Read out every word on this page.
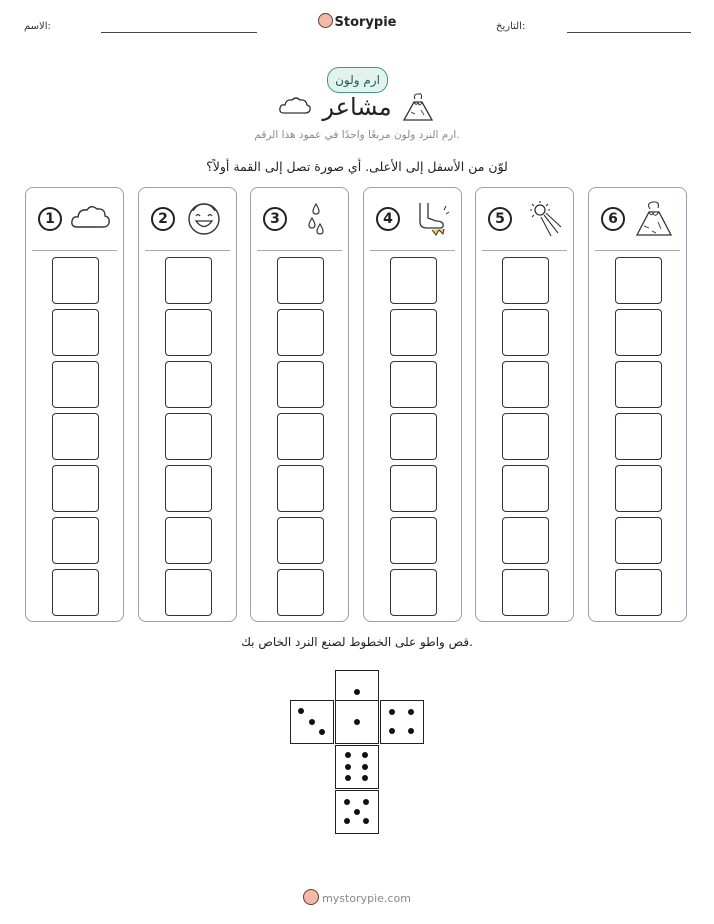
الاسم:	Storypie	التاريخ:
ارم ولون
مشاعر
ارم النرد ولون مربعًا واحدًا في عمود هذا الرقم.
لوّن من الأسفل إلى الأعلى. أي صورة تصل إلى القمة أولاً؟
1	2	3	4	5	6
قص واطو على الخطوط لصنع النرد الخاص بك.
mystorypie.com
